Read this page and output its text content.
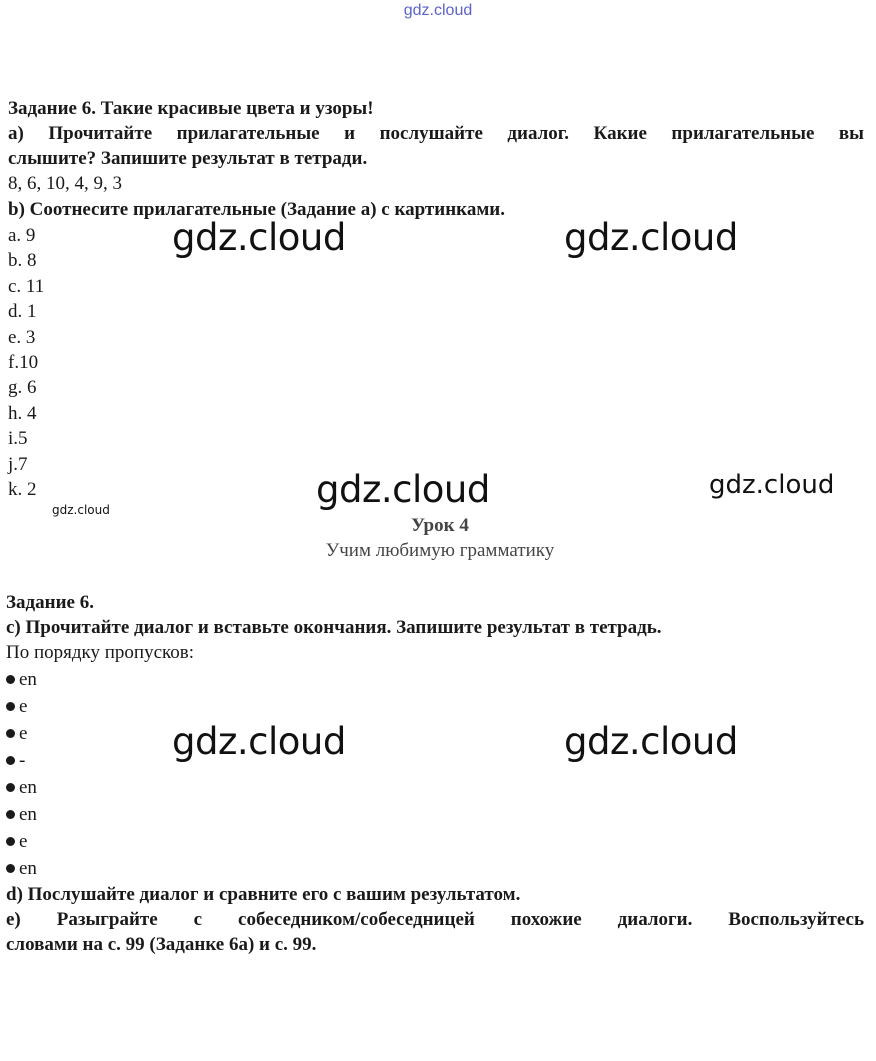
gdz.cloud
Задание 6. Такие красивые цвета и узоры!
а) Прочитайте прилагательные и послушайте диалог. Какие прилагательные вы
слышите? Запишите результат в тетради.
8, 6, 10, 4, 9, 3
b) Соотнесите прилагательные (Задание а) с картинками.
a. 9
b. 8
c. 11
d. 1
e. 3
f.10
g. 6
h. 4
i.5
j.7
k. 2
gdz.cloud	gdz.cloud
gdz.cloud	gdz.cloud
gdz.cloud
Урок 4
Учим любимую грамматику
Задание 6.
c) Прочитайте диалог и вставьте окончания. Запишите результат в тетрадь.
По порядку пропусков:
en
e
e
-
en
en
e
en
gdz.cloud	gdz.cloud
d) Послушайте диалог и сравните его с вашим результатом.
e) Разыграйте с собеседником/собеседницей похожие диалоги. Воспользуйтесь
словами на с. 99 (Заданке 6а) и с. 99.
